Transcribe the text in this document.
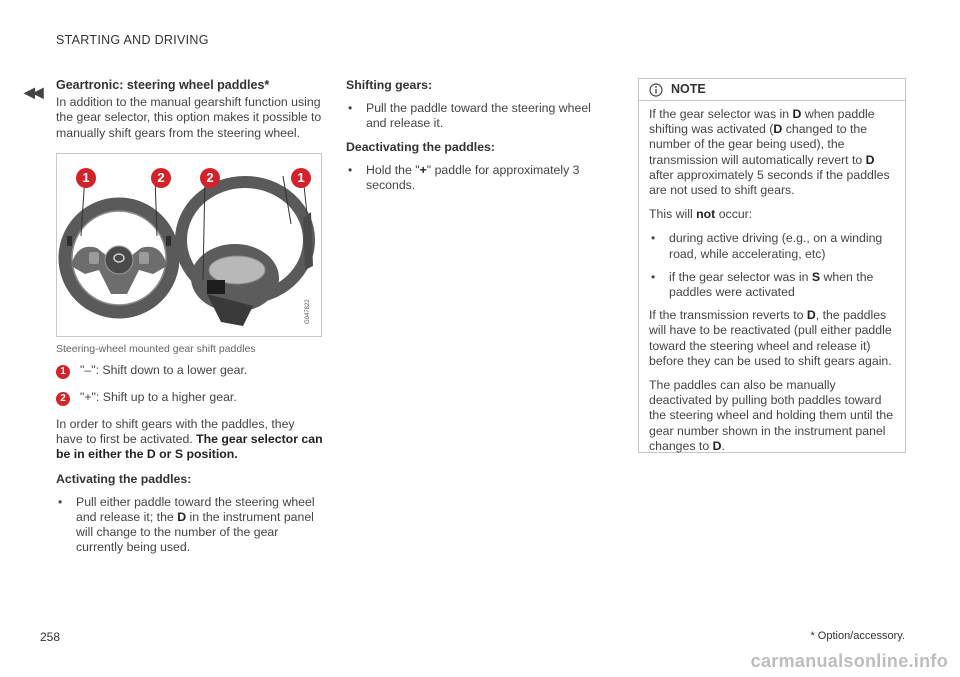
STARTING AND DRIVING
◀◀ Geartronic: steering wheel paddles*

In addition to the manual gearshift function using the gear selector, this option makes it possible to manually shift gears from the steering wheel.

G047822
1	2	2	1
Steering-wheel mounted gear shift paddles
1	"–": Shift down to a lower gear.
2	"+": Shift up to a higher gear.

In order to shift gears with the paddles, they have to first be activated. The gear selector can be in either the D or S position.

Activating the paddles:
•	Pull either paddle toward the steering wheel and release it; the D in the instrument panel will change to the number of the gear currently being used.
Shifting gears:
•	Pull the paddle toward the steering wheel and release it.
Deactivating the paddles:
•	Hold the "+" paddle for approximately 3 seconds.
NOTE

If the gear selector was in D when paddle shifting was activated (D changed to the number of the gear being used), the transmission will automatically revert to D after approximately 5 seconds if the paddles are not used to shift gears.

This will not occur:

•	during active driving (e.g., on a winding road, while accelerating, etc)
•	if the gear selector was in S when the paddles were activated

If the transmission reverts to D, the paddles will have to be reactivated (pull either paddle toward the steering wheel and release it) before they can be used to shift gears again.

The paddles can also be manually deactivated by pulling both paddles toward the steering wheel and holding them until the gear number shown in the instrument panel changes to D.

258	* Option/accessory.
carmanualsonline.info
